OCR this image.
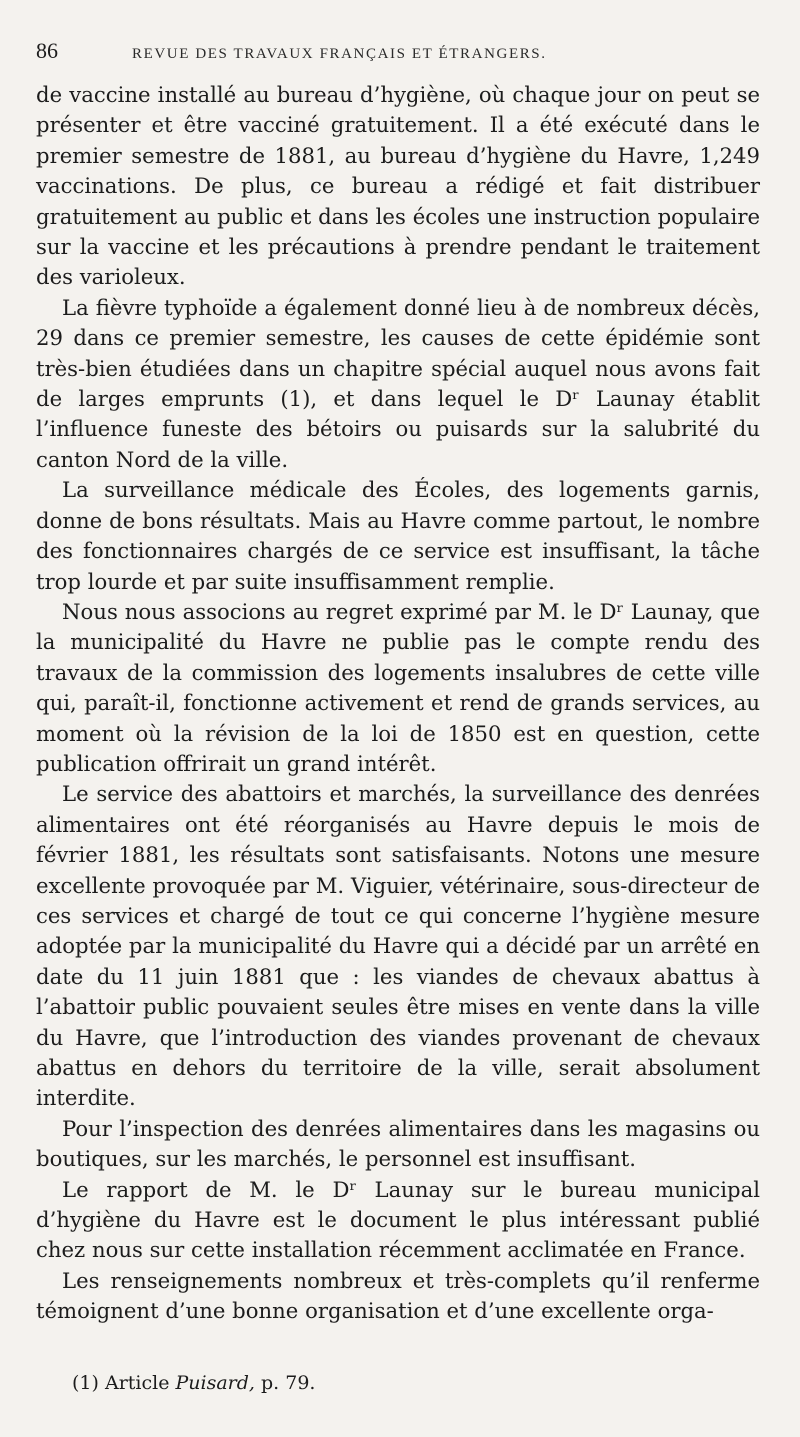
86	REVUE DES TRAVAUX FRANÇAIS ET ÉTRANGERS.

de vaccine installé au bureau d’hygiène, où chaque jour on peut se présenter et être vacciné gratuitement. Il a été exécuté dans le premier semestre de 1881, au bureau d’hygiène du Havre, 1,249 vaccinations. De plus, ce bureau a rédigé et fait distribuer gratuitement au public et dans les écoles une instruction populaire sur la vaccine et les précautions à prendre pendant le traitement des varioleux.

La fièvre typhoïde a également donné lieu à de nombreux décès, 29 dans ce premier semestre, les causes de cette épidémie sont très-bien étudiées dans un chapitre spécial auquel nous avons fait de larges emprunts (1), et dans lequel le Dʳ Launay établit l’influence funeste des bétoirs ou puisards sur la salubrité du canton Nord de la ville.

La surveillance médicale des Écoles, des logements garnis, donne de bons résultats. Mais au Havre comme partout, le nombre des fonctionnaires chargés de ce service est insuffisant, la tâche trop lourde et par suite insuffisamment remplie.

Nous nous associons au regret exprimé par M. le Dʳ Launay, que la municipalité du Havre ne publie pas le compte rendu des travaux de la commission des logements insalubres de cette ville qui, paraît-il, fonctionne activement et rend de grands services, au moment où la révision de la loi de 1850 est en question, cette publication offrirait un grand intérêt.

Le service des abattoirs et marchés, la surveillance des denrées alimentaires ont été réorganisés au Havre depuis le mois de février 1881, les résultats sont satisfaisants. Notons une mesure excellente provoquée par M. Viguier, vétérinaire, sous-directeur de ces services et chargé de tout ce qui concerne l’hygiène mesure adoptée par la municipalité du Havre qui a décidé par un arrêté en date du 11 juin 1881 que : les viandes de chevaux abattus à l’abattoir public pouvaient seules être mises en vente dans la ville du Havre, que l’introduction des viandes provenant de chevaux abattus en dehors du territoire de la ville, serait absolument interdite.

Pour l’inspection des denrées alimentaires dans les magasins ou boutiques, sur les marchés, le personnel est insuffisant.

Le rapport de M. le Dʳ Launay sur le bureau municipal d’hygiène du Havre est le document le plus intéressant publié chez nous sur cette installation récemment acclimatée en France.

Les renseignements nombreux et très-complets qu’il renferme témoignent d’une bonne organisation et d’une excellente orga-

(1) Article Puisard, p. 79.
